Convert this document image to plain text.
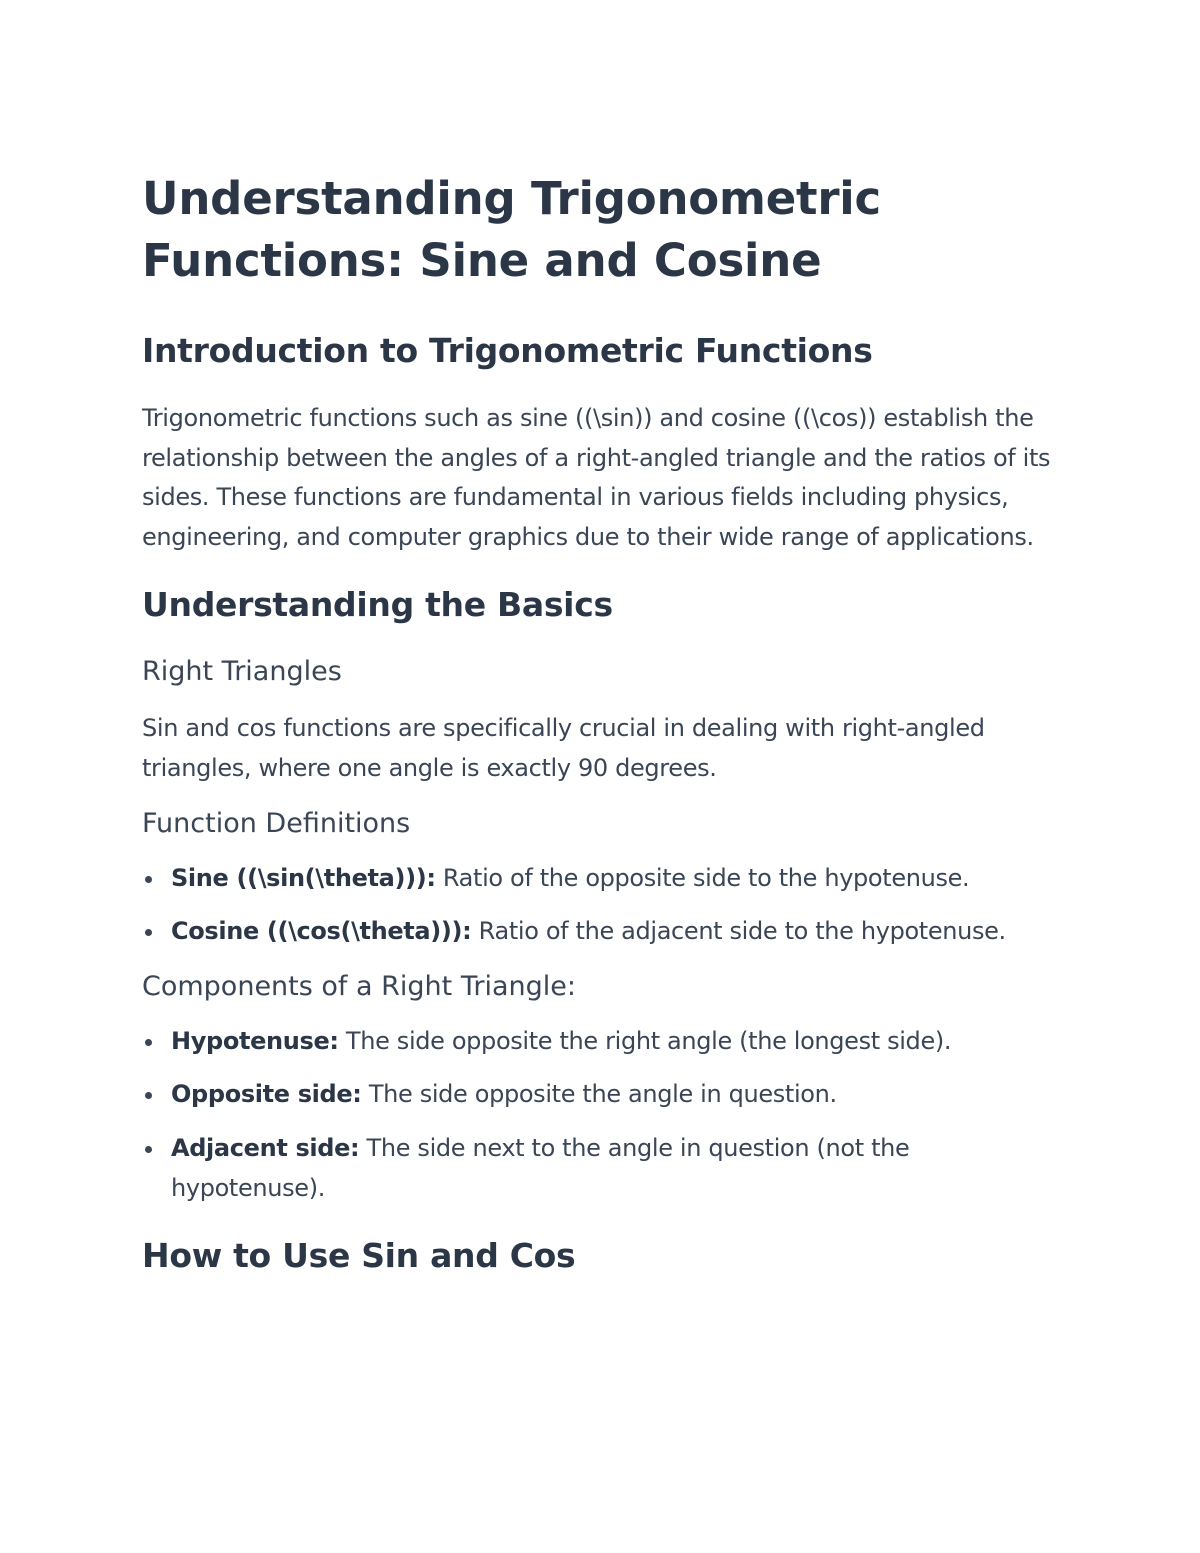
Understanding Trigonometric Functions: Sine and Cosine
Introduction to Trigonometric Functions

Trigonometric functions such as sine ((\sin)) and cosine ((\cos)) establish the relationship between the angles of a right-angled triangle and the ratios of its sides. These functions are fundamental in various fields including physics, engineering, and computer graphics due to their wide range of applications.

Understanding the Basics
Right Triangles

Sin and cos functions are specifically crucial in dealing with right-angled triangles, where one angle is exactly 90 degrees.

Function Definitions
Sine ((\sin(\theta))): Ratio of the opposite side to the hypotenuse.
Cosine ((\cos(\theta))): Ratio of the adjacent side to the hypotenuse.
Components of a Right Triangle:
Hypotenuse: The side opposite the right angle (the longest side).
Opposite side: The side opposite the angle in question.
Adjacent side: The side next to the angle in question (not the hypotenuse).
How to Use Sin and Cos
